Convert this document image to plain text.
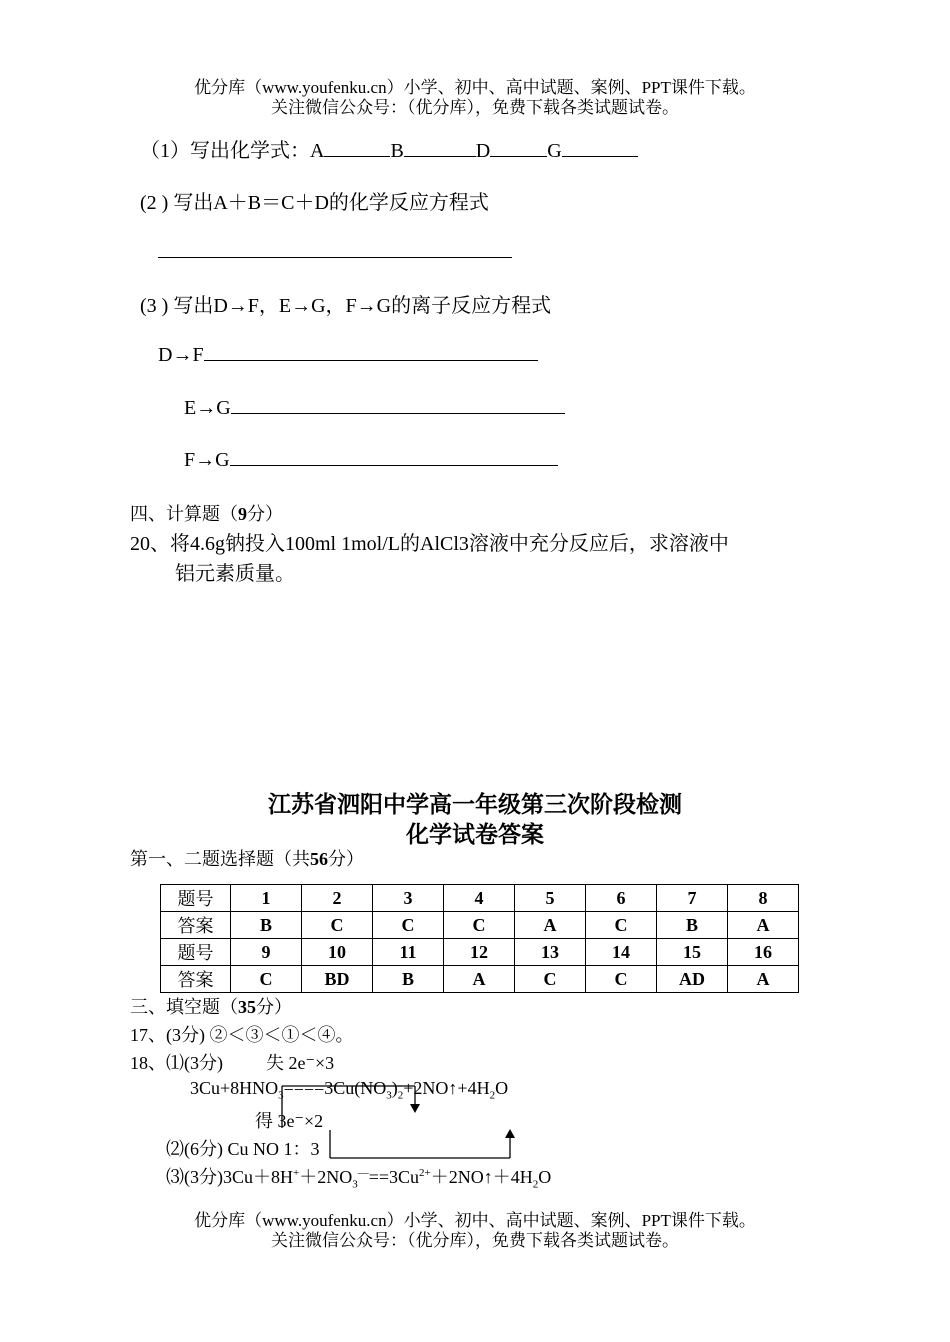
优分库（www.youfenku.cn）小学、初中、高中试题、案例、PPT课件下载。
关注微信公众号：（优分库），免费下载各类试题试卷。
（1）写出化学式：A	B	D	G
(2 ) 写出A＋B＝C＋D的化学反应方程式
(3 ) 写出D→F，E→G，F→G的离子反应方程式
D→F
E→G
F→G
四、计算题（9分）
20、将4.6g钠投入100ml 1mol/L的AlCl3溶液中充分反应后，求溶液中
铝元素质量。
江苏省泗阳中学高一年级第三次阶段检测
化学试卷答案
第一、二题选择题（共56分）
题号	1	2	3	4	5	6	7	8
答案	B	C	C	C	A	C	B	A
题号	9	10	11	12	13	14	15	16
答案	C	BD	B	A	C	C	AD	A
三、填空题（35分）
17、(3分) ②＜③＜①＜④。
18、 ⑴(3分) 失 2e⁻×3
$3Cu+8HNO_3====3Cu(NO_3)_2+2NO↑+4H_2O$
得 3e⁻×2
⑵(6分) Cu NO 1：3
⑶(3分)$3Cu+8H^++2NO_3^—==3Cu^{2+}+2NO↑+4H_2O$
优分库（www.youfenku.cn）小学、初中、高中试题、案例、PPT课件下载。
关注微信公众号：（优分库），免费下载各类试题试卷。
